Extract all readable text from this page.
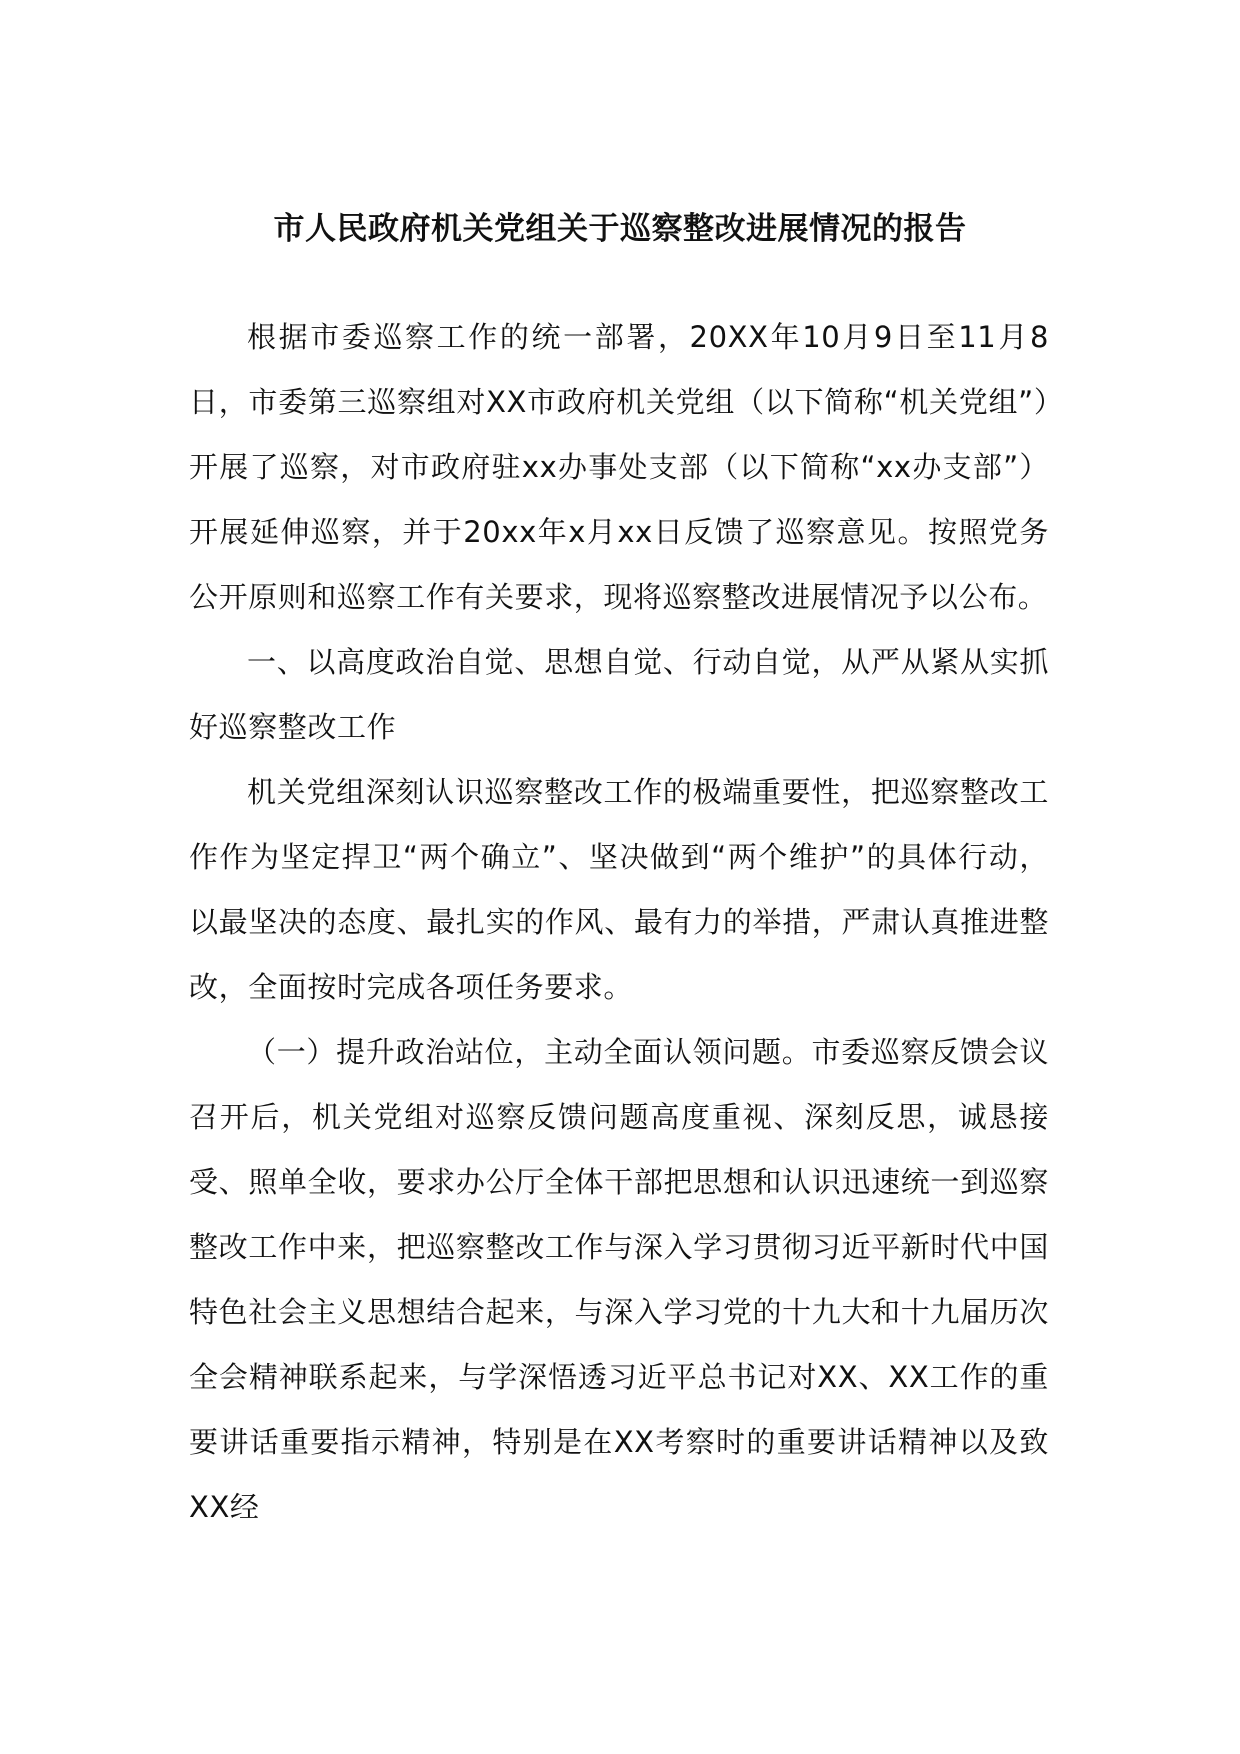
市人民政府机关党组关于巡察整改进展情况的报告

根据市委巡察工作的统一部署，20XX年10月9日至11月8日，市委第三巡察组对XX市政府机关党组（以下简称“机关党组”）开展了巡察，对市政府驻xx办事处支部（以下简称“xx办支部”）开展延伸巡察，并于20xx年x月xx日反馈了巡察意见。按照党务公开原则和巡察工作有关要求，现将巡察整改进展情况予以公布。

一、以高度政治自觉、思想自觉、行动自觉，从严从紧从实抓好巡察整改工作

机关党组深刻认识巡察整改工作的极端重要性，把巡察整改工作作为坚定捍卫“两个确立”、坚决做到“两个维护”的具体行动，以最坚决的态度、最扎实的作风、最有力的举措，严肃认真推进整改，全面按时完成各项任务要求。

（一）提升政治站位，主动全面认领问题。市委巡察反馈会议召开后，机关党组对巡察反馈问题高度重视、深刻反思，诚恳接受、照单全收，要求办公厅全体干部把思想和认识迅速统一到巡察整改工作中来，把巡察整改工作与深入学习贯彻习近平新时代中国特色社会主义思想结合起来，与深入学习党的十九大和十九届历次全会精神联系起来，与学深悟透习近平总书记对XX、XX工作的重要讲话重要指示精神，特别是在XX考察时的重要讲话精神以及致XX经
